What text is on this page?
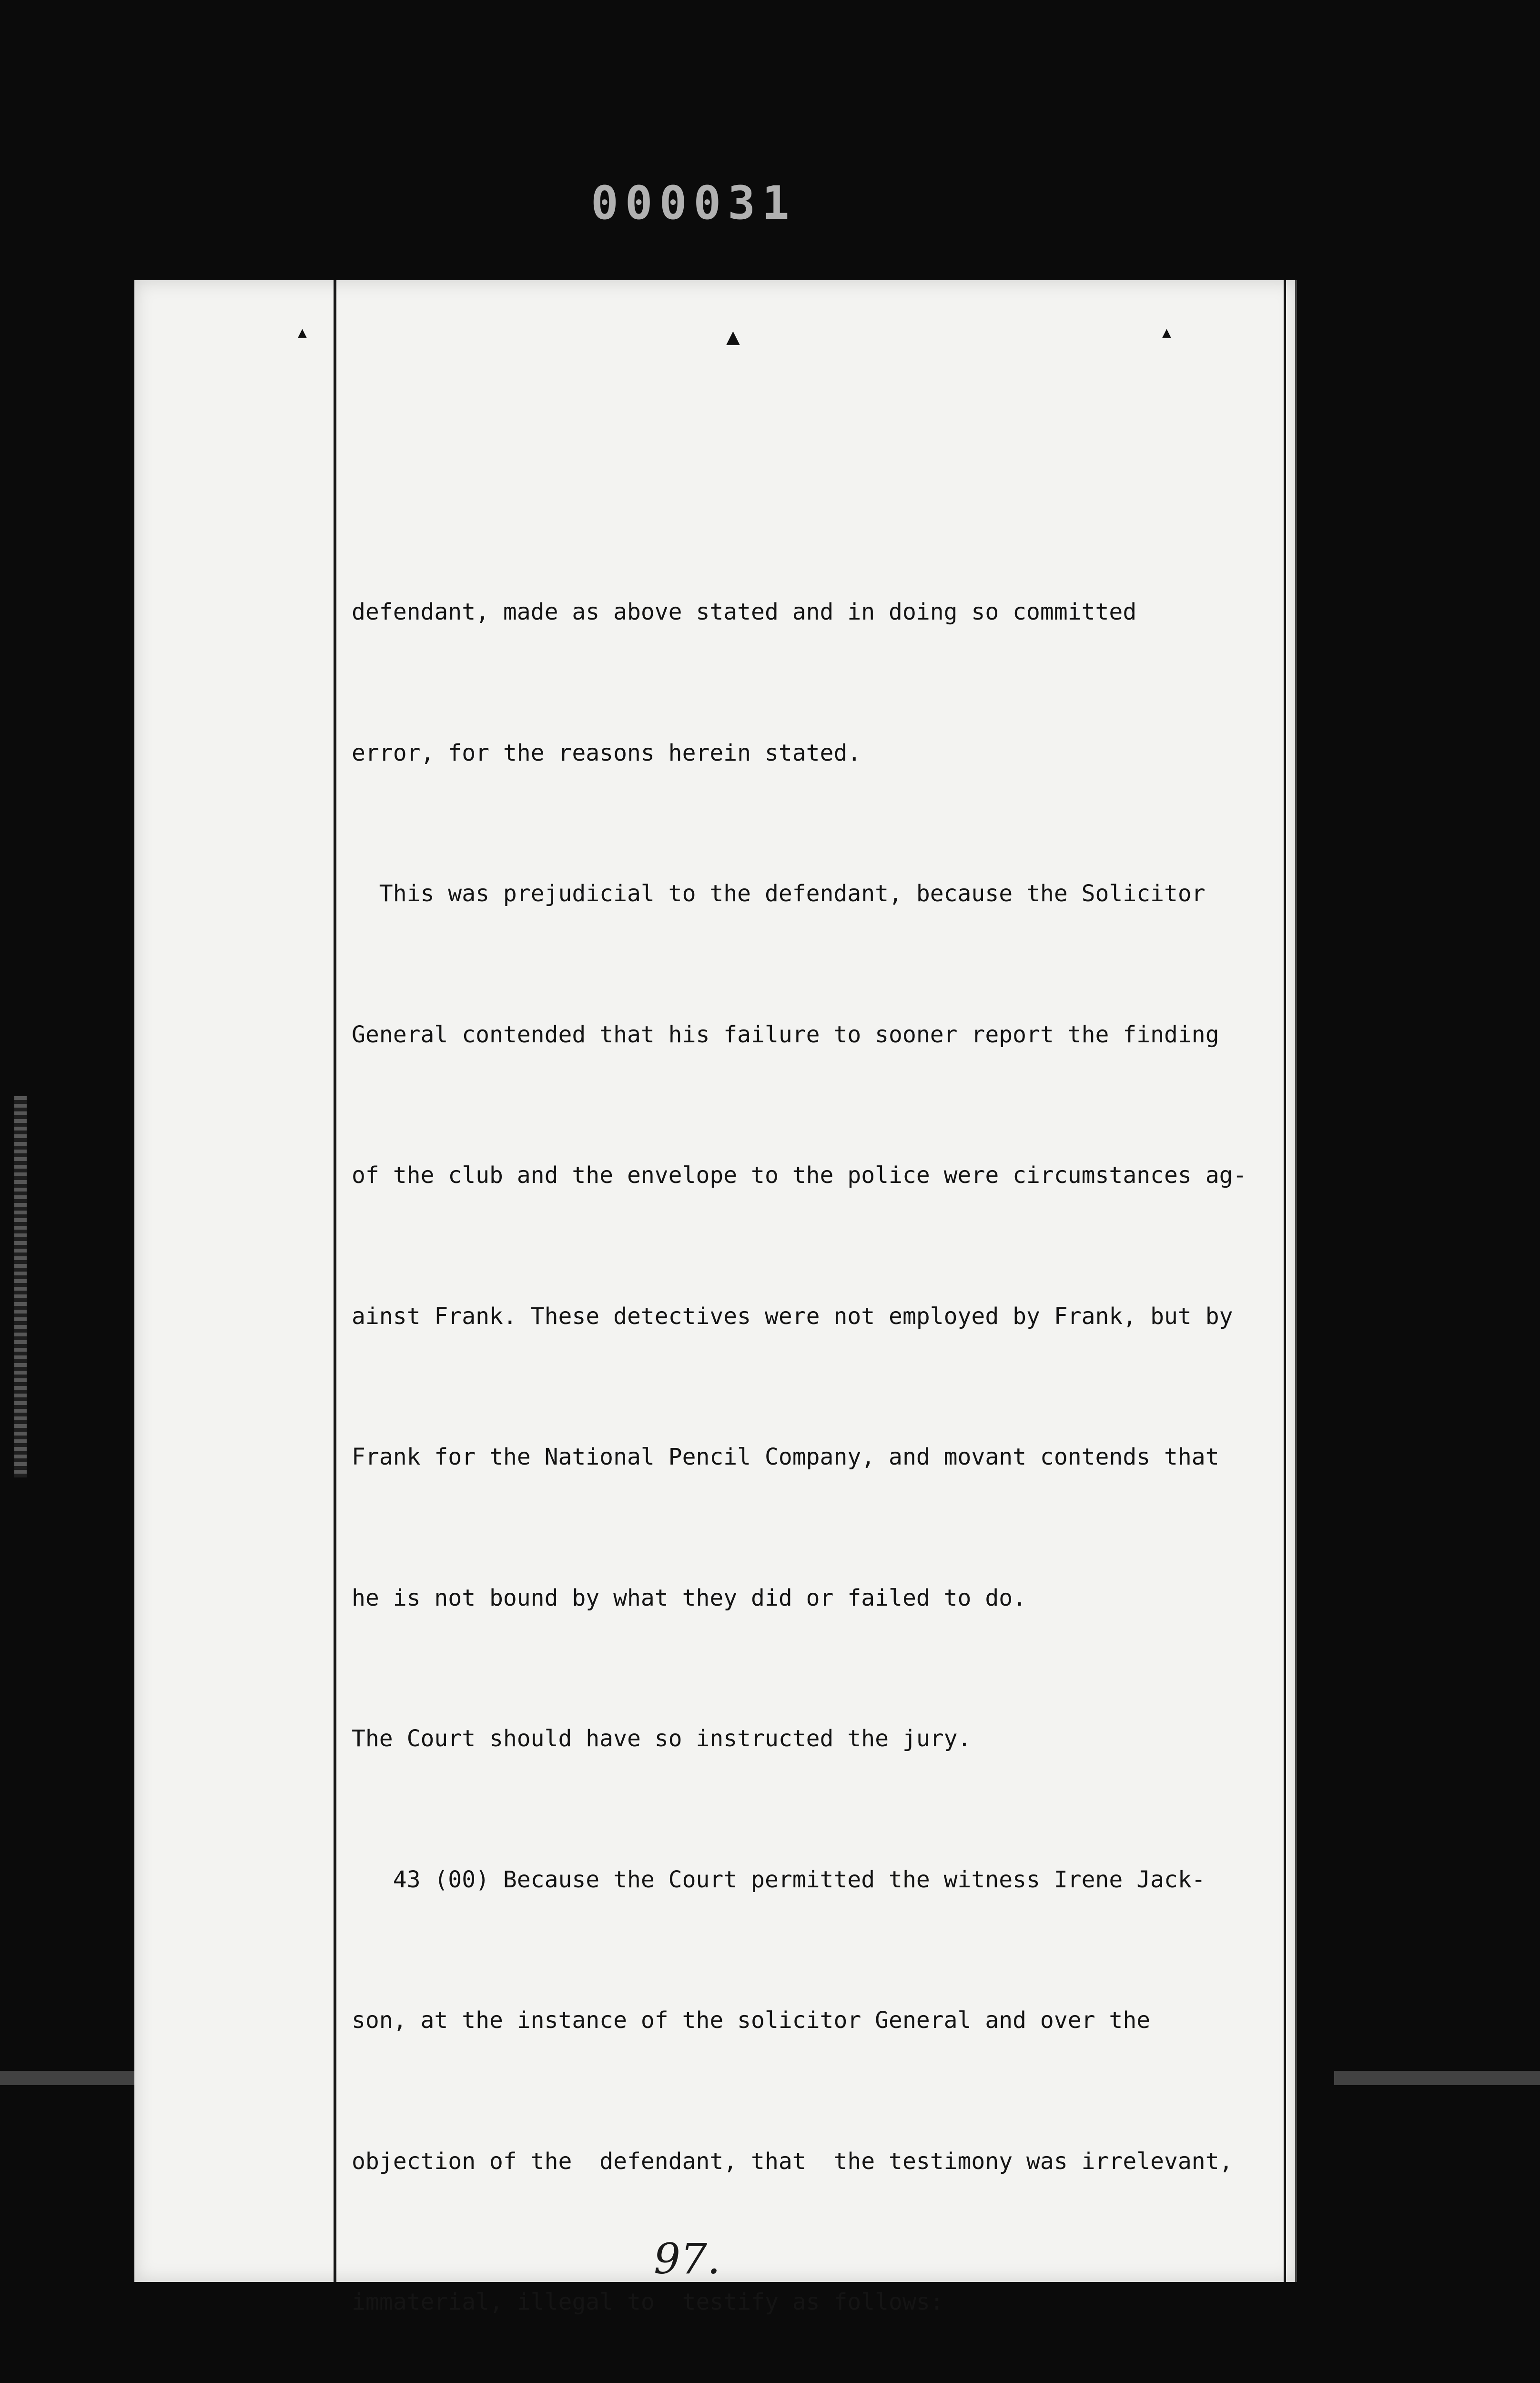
000031
▴	▲	▴

defendant, made as above stated and in doing so committed

error, for the reasons herein stated.

This was prejudicial to the defendant, because the Solicitor

General contended that his failure to sooner report the finding

of the club and the envelope to the police were circumstances ag-

ainst Frank. These detectives were not employed by Frank, but by

Frank for the National Pencil Company, and movant contends that

he is not bound by what they did or failed to do.

The Court should have so instructed the jury.

43 (00) Because the Court permitted the witness Irene Jack-

son, at the instance of the solicitor General and over the

objection of the  defendant, that  the testimony was irrelevant,

immaterial, illegal to  testify as follows:

97.
